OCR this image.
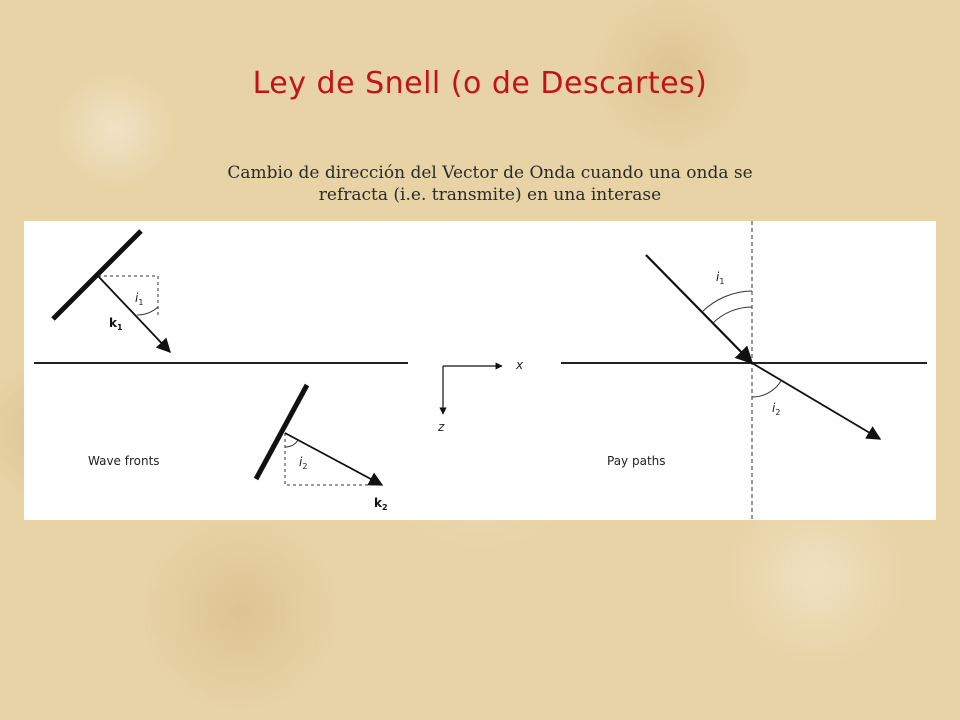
Ley de Snell (o de Descartes)
Cambio de dirección del Vector de Onda cuando una onda se
refracta (i.e. transmite) en una interase
$i_1$
$k_1$
$i_2$
$k_2$
Wave fronts
x
z
$i_1$
$i_2$
Pay paths
